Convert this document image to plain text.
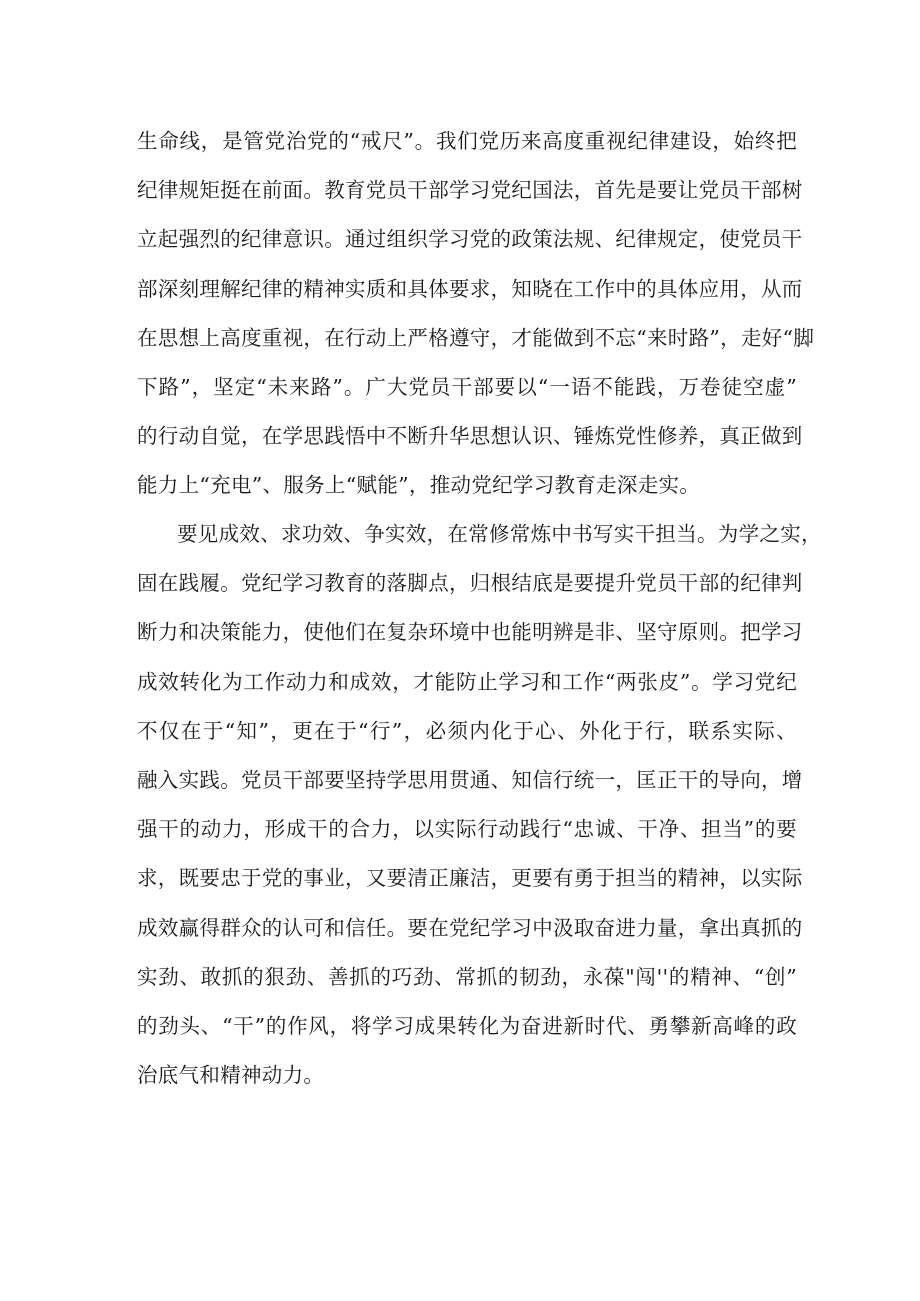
生命线，是管党治党的“戒尺”。我们党历来高度重视纪律建设，始终把
纪律规矩挺在前面。教育党员干部学习党纪国法，首先是要让党员干部树
立起强烈的纪律意识。通过组织学习党的政策法规、纪律规定，使党员干
部深刻理解纪律的精神实质和具体要求，知晓在工作中的具体应用，从而
在思想上高度重视，在行动上严格遵守，才能做到不忘“来时路”，走好“脚
下路”，坚定“未来路”。广大党员干部要以“一语不能践，万卷徒空虚”
的行动自觉，在学思践悟中不断升华思想认识、锤炼党性修养，真正做到
能力上“充电”、服务上“赋能”，推动党纪学习教育走深走实。
要见成效、求功效、争实效，在常修常炼中书写实干担当。为学之实，
固在践履。党纪学习教育的落脚点，归根结底是要提升党员干部的纪律判
断力和决策能力，使他们在复杂环境中也能明辨是非、坚守原则。把学习
成效转化为工作动力和成效，才能防止学习和工作“两张皮”。学习党纪
不仅在于“知”，更在于“行”，必须内化于心、外化于行，联系实际、
融入实践。党员干部要坚持学思用贯通、知信行统一，匡正干的导向，增
强干的动力，形成干的合力，以实际行动践行“忠诚、干净、担当”的要
求，既要忠于党的事业，又要清正廉洁，更要有勇于担当的精神，以实际
成效赢得群众的认可和信任。要在党纪学习中汲取奋进力量，拿出真抓的
实劲、敢抓的狠劲、善抓的巧劲、常抓的韧劲，永葆"闯''的精神、“创”
的劲头、“干”的作风，将学习成果转化为奋进新时代、勇攀新高峰的政
治底气和精神动力。
